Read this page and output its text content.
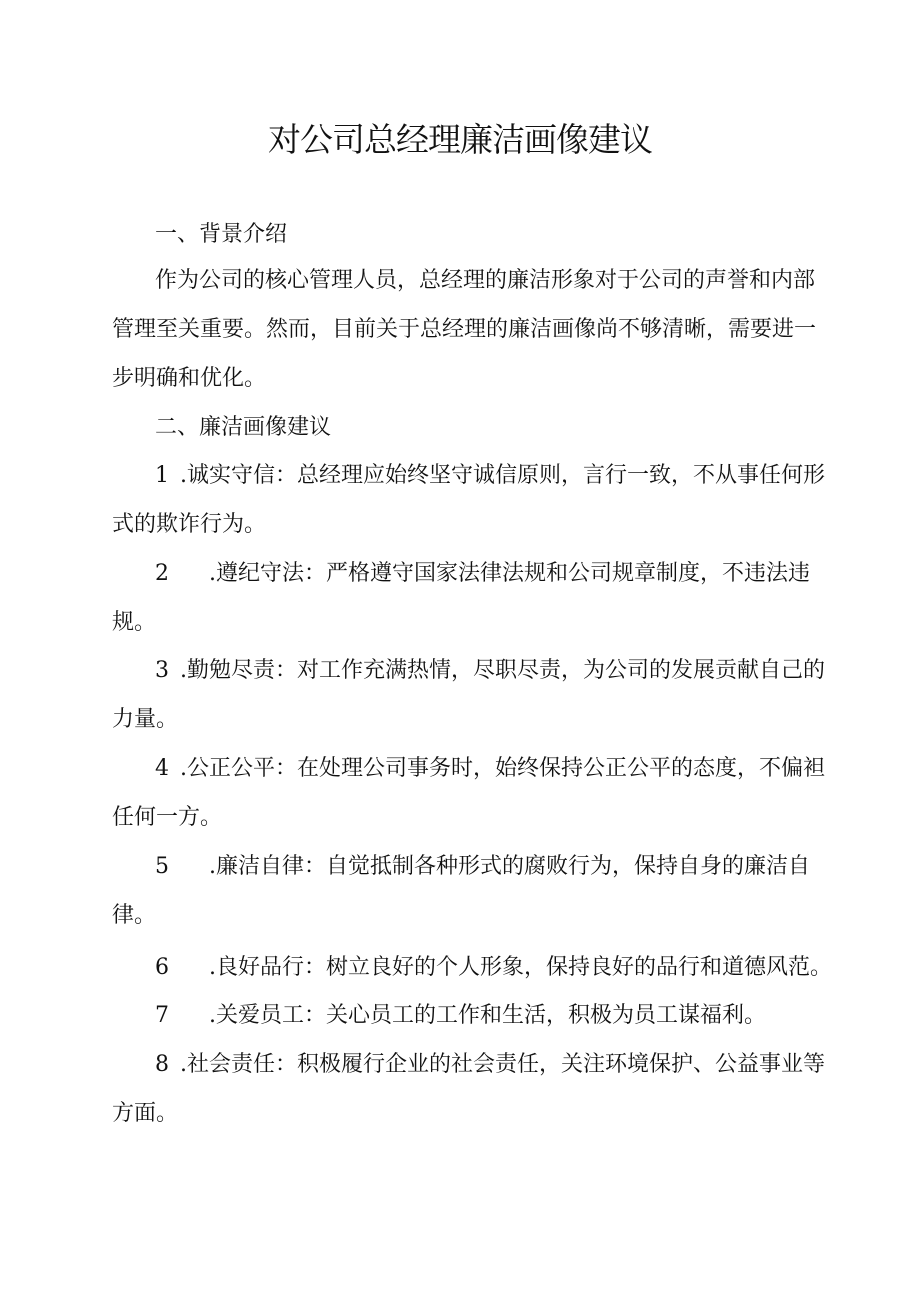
对公司总经理廉洁画像建议
一、背景介绍
作为公司的核心管理人员，总经理的廉洁形象对于公司的声誉和内部
管理至关重要。然而，目前关于总经理的廉洁画像尚不够清晰，需要进一
步明确和优化。
二、廉洁画像建议
1 .诚实守信：总经理应始终坚守诚信原则，言行一致，不从事任何形
式的欺诈行为。
2 .遵纪守法：严格遵守国家法律法规和公司规章制度，不违法违
规。
3 .勤勉尽责：对工作充满热情，尽职尽责，为公司的发展贡献自己的
力量。
4 .公正公平：在处理公司事务时，始终保持公正公平的态度，不偏袒
任何一方。
5 .廉洁自律：自觉抵制各种形式的腐败行为，保持自身的廉洁自
律。
6 .良好品行：树立良好的个人形象，保持良好的品行和道德风范。
7 .关爱员工：关心员工的工作和生活，积极为员工谋福利。
8 .社会责任：积极履行企业的社会责任，关注环境保护、公益事业等
方面。
